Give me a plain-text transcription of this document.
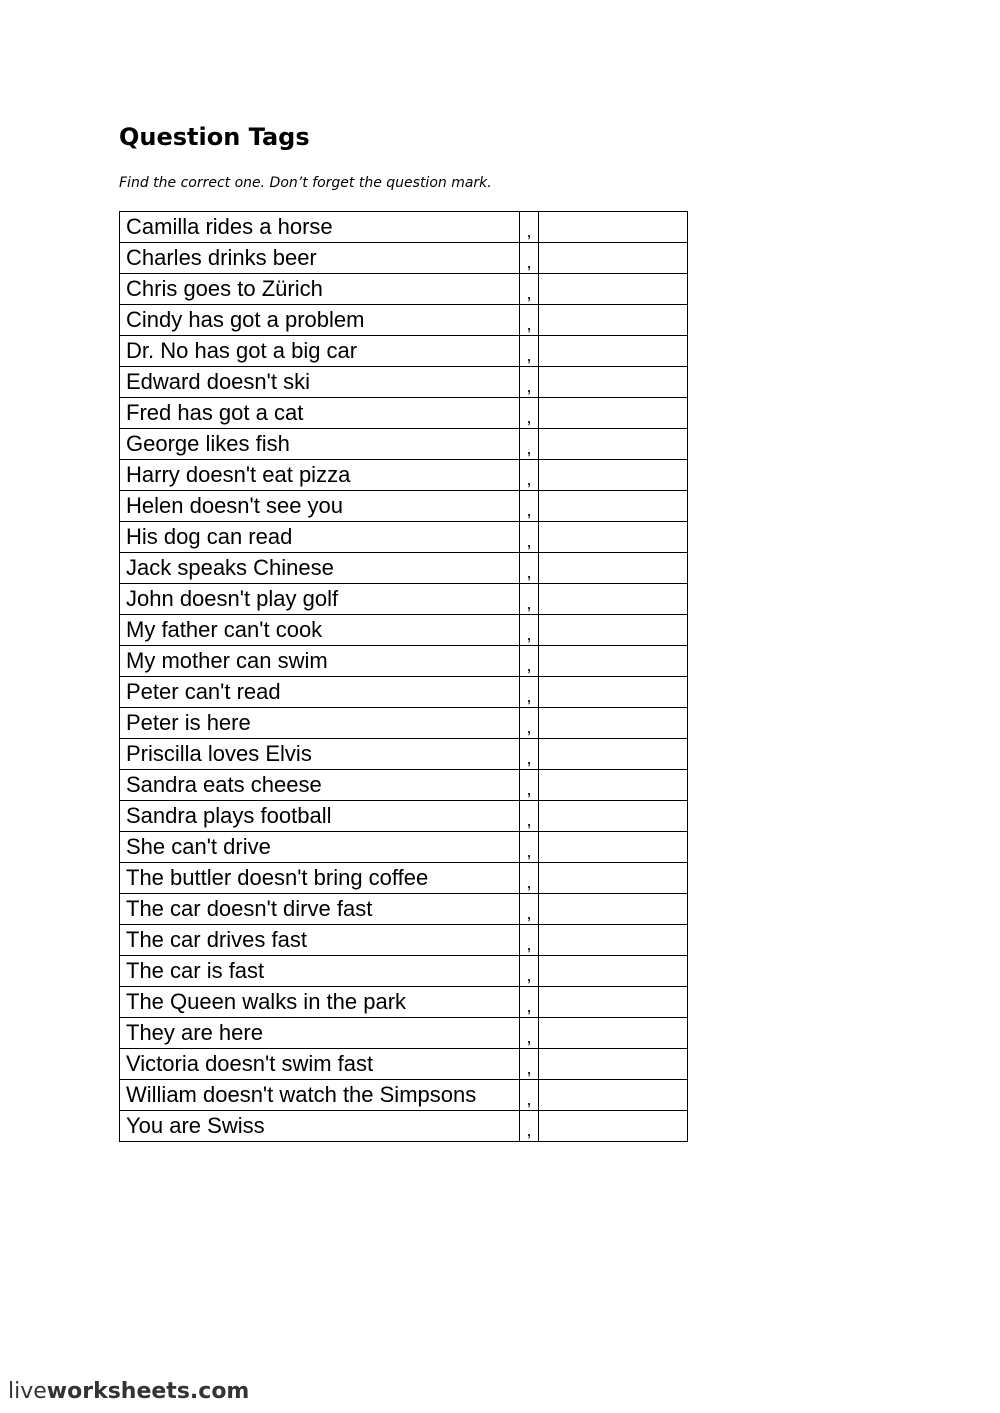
Question Tags
Find the correct one. Don’t forget the question mark.
Camilla rides a horse	,	

Charles drinks beer	,	

Chris goes to Zürich	,	

Cindy has got a problem	,	

Dr. No has got a big car	,	

Edward doesn't ski	,	

Fred has got a cat	,	

George likes fish	,	

Harry doesn't eat pizza	,	

Helen doesn't see you	,	

His dog can read	,	

Jack speaks Chinese	,	

John doesn't play golf	,	

My father can't cook	,	

My mother can swim	,	

Peter can't read	,	

Peter is here	,	

Priscilla loves Elvis	,	

Sandra eats cheese	,	

Sandra plays football	,	

She can't drive	,	

The buttler doesn't bring coffee	,	

The car doesn't dirve fast	,	

The car drives fast	,	

The car is fast	,	

The Queen walks in the park	,	

They are here	,	

Victoria doesn't swim fast	,	

William doesn't watch the Simpsons	,	

You are Swiss	,	
liveworksheets.com
